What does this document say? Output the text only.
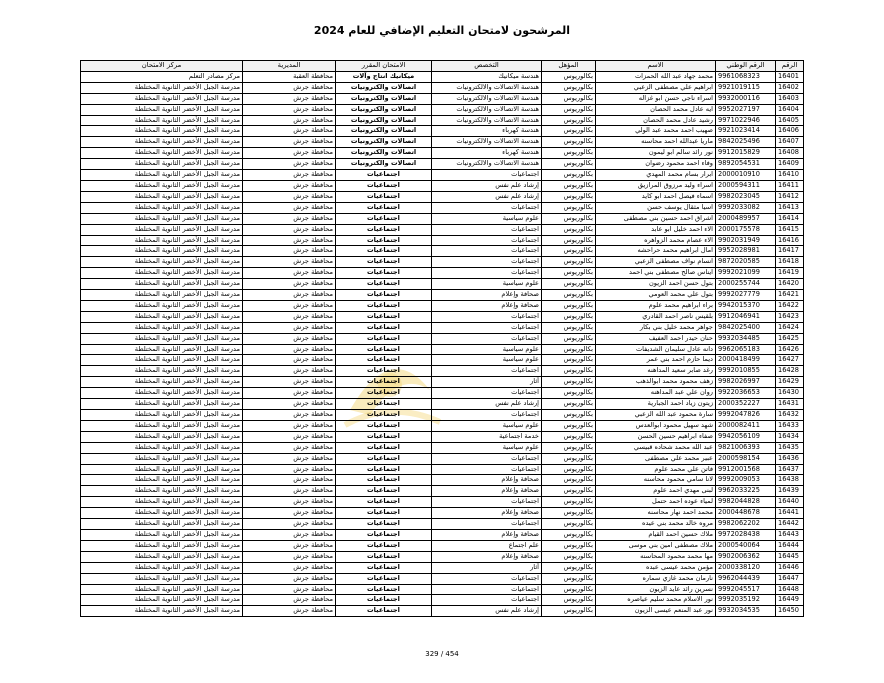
المرشحون لامتحان التعليم الإضافي للعام 2024
الرقم	الرقم الوطني	الاسم	المؤهل	التخصص	الامتحان المقرر	المديرية	مركز الامتحان
16401	9961068323	محمد جهاد عبد الله الحمزات	بكالوريوس	هندسة ميكانيك	ميكانيك انتاج وآلات	محافظة العقبة	مركز مصادر التعلم
16402	9921019115	ابراهيم علي مصطفى الزعبي	بكالوريوس	هندسة الاتصالات والالكترونيات	اتصالات والكترونيات	محافظة جرش	مدرسة الجبل الأخضر الثانوية المختلطة
16403	9932000116	اسراء ناجي حسن ابو غزاله	بكالوريوس	هندسة الاتصالات والالكترونيات	اتصالات والكترونيات	محافظة جرش	مدرسة الجبل الأخضر الثانوية المختلطة
16404	9952027197	ايه عادل محمد الحصان	بكالوريوس	هندسة الاتصالات والالكترونيات	اتصالات والكترونيات	محافظة جرش	مدرسة الجبل الأخضر الثانوية المختلطة
16405	9971022946	رشيد عادل محمد الحصان	بكالوريوس	هندسة الاتصالات والالكترونيات	اتصالات والكترونيات	محافظة جرش	مدرسة الجبل الأخضر الثانوية المختلطة
16406	9921023414	صهيب احمد محمد عبد الولي	بكالوريوس	هندسة كهرباء	اتصالات والكترونيات	محافظة جرش	مدرسة الجبل الأخضر الثانوية المختلطة
16407	9842025496	ماريا عبدالله احمد محاسنه	بكالوريوس	هندسة الاتصالات والالكترونيات	اتصالات والكترونيات	محافظة جرش	مدرسة الجبل الأخضر الثانوية المختلطة
16408	9912015829	نور رائد سالم ابو ليمون	بكالوريوس	هندسة كهرباء	اتصالات والكترونيات	محافظة جرش	مدرسة الجبل الأخضر الثانوية المختلطة
16409	9892054531	وفاء احمد محمود رضوان	بكالوريوس	هندسة الاتصالات والالكترونيات	اتصالات والكترونيات	محافظة جرش	مدرسة الجبل الأخضر الثانوية المختلطة
16410	2000010910	ابرار بسام محمد المهدي	بكالوريوس	اجتماعيات	اجتماعيات	محافظة جرش	مدرسة الجبل الأخضر الثانوية المختلطة
16411	2000594311	اسراء وليد مرزوق المرازيق	بكالوريوس	إرشاد علم نفس	اجتماعيات	محافظة جرش	مدرسة الجبل الأخضر الثانوية المختلطة
16412	9982023045	اسماء فيصل احمد ابو كايد	بكالوريوس	إرشاد علم نفس	اجتماعيات	محافظة جرش	مدرسة الجبل الأخضر الثانوية المختلطة
16413	9992033082	اسيا مثقال يوسف حسن	بكالوريوس	اجتماعيات	اجتماعيات	محافظة جرش	مدرسة الجبل الأخضر الثانوية المختلطة
16414	2000489957	اشراق احمد حسين بني مصطفى	بكالوريوس	علوم سياسية	اجتماعيات	محافظة جرش	مدرسة الجبل الأخضر الثانوية المختلطة
16415	2000175578	الاء احمد خليل ابو عابد	بكالوريوس	اجتماعيات	اجتماعيات	محافظة جرش	مدرسة الجبل الأخضر الثانوية المختلطة
16416	9902031949	الاء عصام محمد الزواهره	بكالوريوس	اجتماعيات	اجتماعيات	محافظة جرش	مدرسة الجبل الأخضر الثانوية المختلطة
16417	9952028981	امال ابراهيم محمد حراحشه	بكالوريوس	اجتماعيات	اجتماعيات	محافظة جرش	مدرسة الجبل الأخضر الثانوية المختلطة
16418	9872020585	انسام نواف مصطفى الزعبي	بكالوريوس	اجتماعيات	اجتماعيات	محافظة جرش	مدرسة الجبل الأخضر الثانوية المختلطة
16419	9992021099	ايناس صالح مصطفى بني احمد	بكالوريوس	اجتماعيات	اجتماعيات	محافظة جرش	مدرسة الجبل الأخضر الثانوية المختلطة
16420	2000255744	بتول حسن احمد الزيون	بكالوريوس	علوم سياسية	اجتماعيات	محافظة جرش	مدرسة الجبل الأخضر الثانوية المختلطة
16421	9992027779	بتول علي محمد العومي	بكالوريوس	صحافة وإعلام	اجتماعيات	محافظة جرش	مدرسة الجبل الأخضر الثانوية المختلطة
16422	9942015370	براء ابراهيم محمد علوم	بكالوريوس	صحافة وإعلام	اجتماعيات	محافظة جرش	مدرسة الجبل الأخضر الثانوية المختلطة
16423	9912046941	بلقيس ناصر احمد القادري	بكالوريوس	اجتماعيات	اجتماعيات	محافظة جرش	مدرسة الجبل الأخضر الثانوية المختلطة
16424	9842025400	جواهر محمد خليل بني بكار	بكالوريوس	اجتماعيات	اجتماعيات	محافظة جرش	مدرسة الجبل الأخضر الثانوية المختلطة
16425	9932034485	حنان حيدر احمد العفيف	بكالوريوس	اجتماعيات	اجتماعيات	محافظة جرش	مدرسة الجبل الأخضر الثانوية المختلطة
16426	9962065183	دانه عادل سليمان الشديفات	بكالوريوس	علوم سياسية	اجتماعيات	محافظة جرش	مدرسة الجبل الأخضر الثانوية المختلطة
16427	2000418499	ديما حازم احمد بني عمر	بكالوريوس	علوم سياسية	اجتماعيات	محافظة جرش	مدرسة الجبل الأخضر الثانوية المختلطة
16428	9992010855	رغد صابر سعيد المداهنه	بكالوريوس	اجتماعيات	اجتماعيات	محافظة جرش	مدرسة الجبل الأخضر الثانوية المختلطة
16429	9982026997	زهف محمود محمد ابوالذهب	بكالوريوس	آثار	اجتماعيات	محافظة جرش	مدرسة الجبل الأخضر الثانوية المختلطة
16430	9922036653	روان علي عبد المداهنه	بكالوريوس	اجتماعيات	اجتماعيات	محافظة جرش	مدرسة الجبل الأخضر الثانوية المختلطة
16431	2000352227	زيتون زياد احمد الجبارية	بكالوريوس	إرشاد علم نفس	اجتماعيات	محافظة جرش	مدرسة الجبل الأخضر الثانوية المختلطة
16432	9992047826	سارة محمود عبد الله الزعبي	بكالوريوس	اجتماعيات	اجتماعيات	محافظة جرش	مدرسة الجبل الأخضر الثانوية المختلطة
16433	2000082411	شهد سهيل محمود ابوالعدس	بكالوريوس	علوم سياسية	اجتماعيات	محافظة جرش	مدرسة الجبل الأخضر الثانوية المختلطة
16434	9942056109	صفاء ابراهيم حسين الحسن	بكالوريوس	خدمة اجتماعية	اجتماعيات	محافظة جرش	مدرسة الجبل الأخضر الثانوية المختلطة
16435	9821006393	عبد الله محمد شحاده قبيسي	بكالوريوس	علوم سياسية	اجتماعيات	محافظة جرش	مدرسة الجبل الأخضر الثانوية المختلطة
16436	2000598154	عبير محمد علي مصطفى	بكالوريوس	اجتماعيات	اجتماعيات	محافظة جرش	مدرسة الجبل الأخضر الثانوية المختلطة
16437	9912001568	فاتن علي محمد علوم	بكالوريوس	اجتماعيات	اجتماعيات	محافظة جرش	مدرسة الجبل الأخضر الثانوية المختلطة
16438	9992009053	لانا سامي محمود محاسنه	بكالوريوس	صحافة وإعلام	اجتماعيات	محافظة جرش	مدرسة الجبل الأخضر الثانوية المختلطة
16439	9962033225	لبنى مهدي احمد علوم	بكالوريوس	صحافة وإعلام	اجتماعيات	محافظة جرش	مدرسة الجبل الأخضر الثانوية المختلطة
16440	9982044828	لمياء عوده احمد حتمل	بكالوريوس	اجتماعيات	اجتماعيات	محافظة جرش	مدرسة الجبل الأخضر الثانوية المختلطة
16441	2000448678	محمد احمد نهار محاسنه	بكالوريوس	صحافة وإعلام	اجتماعيات	محافظة جرش	مدرسة الجبل الأخضر الثانوية المختلطة
16442	9982062202	مروه خالد محمد بني عيده	بكالوريوس	اجتماعيات	اجتماعيات	محافظة جرش	مدرسة الجبل الأخضر الثانوية المختلطة
16443	9972028438	ملاك حسين احمد القيام	بكالوريوس	صحافة وإعلام	اجتماعيات	محافظة جرش	مدرسة الجبل الأخضر الثانوية المختلطة
16444	2000540064	ملاك مصطفى امين بني موسى	بكالوريوس	علم اجتماع	اجتماعيات	محافظة جرش	مدرسة الجبل الأخضر الثانوية المختلطة
16445	9902006362	مها محمد محمود المحاسنه	بكالوريوس	صحافة وإعلام	اجتماعيات	محافظة جرش	مدرسة الجبل الأخضر الثانوية المختلطة
16446	2000338120	مؤمن محمد عيسى عبده	بكالوريوس	آثار	اجتماعيات	محافظة جرش	مدرسة الجبل الأخضر الثانوية المختلطة
16447	9962044439	نارمان محمد غازي سماره	بكالوريوس	اجتماعيات	اجتماعيات	محافظة جرش	مدرسة الجبل الأخضر الثانوية المختلطة
16448	9992045517	نسرين رائد عايد الزيون	بكالوريوس	اجتماعيات	اجتماعيات	محافظة جرش	مدرسة الجبل الأخضر الثانوية المختلطة
16449	9992035192	نور الاسلام محمد سليم عياصره	بكالوريوس	اجتماعيات	اجتماعيات	محافظة جرش	مدرسة الجبل الأخضر الثانوية المختلطة
16450	9932034535	نور عبد المنعم عيسى الزيون	بكالوريوس	إرشاد علم نفس	اجتماعيات	محافظة جرش	مدرسة الجبل الأخضر الثانوية المختلطة
329 / 454
